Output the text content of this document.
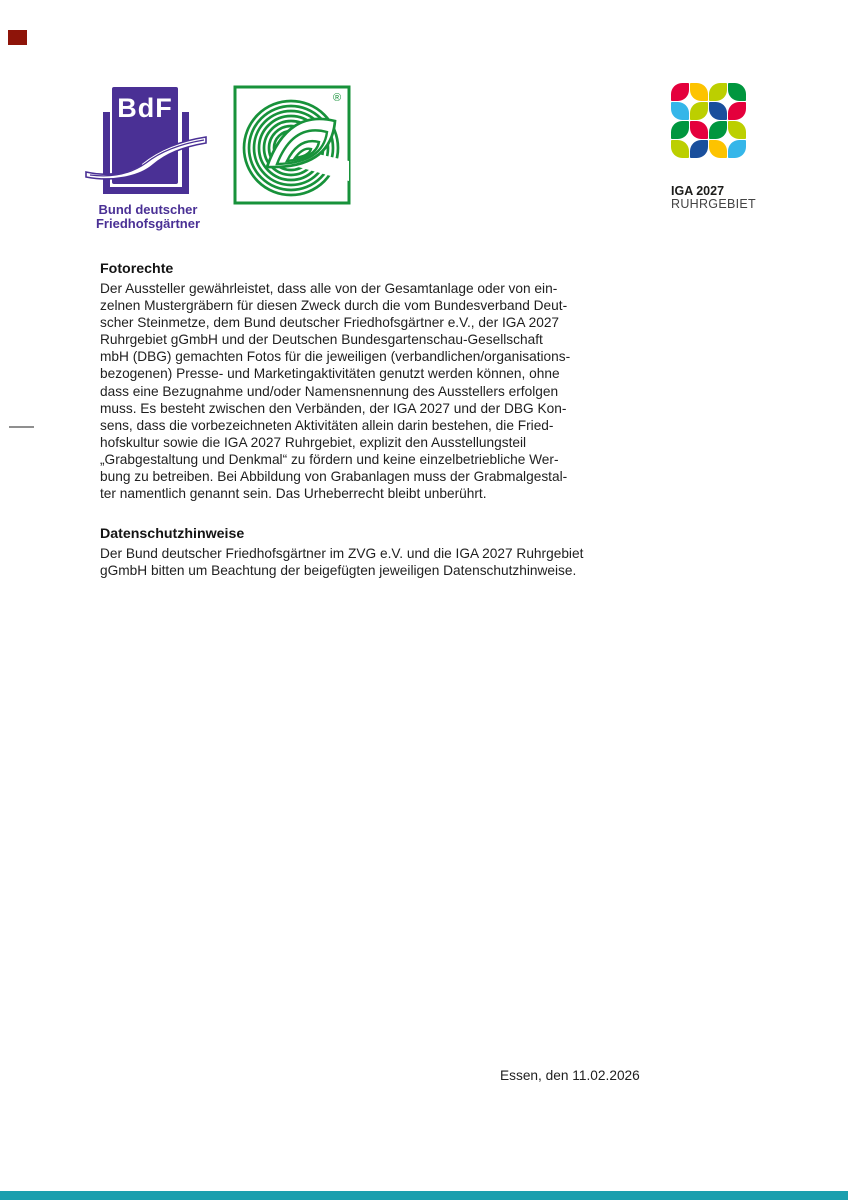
BdF
Bund deutscher
Friedhofsgärtner
®
IGA 2027
RUHRGEBIET
Fotorechte

Der Aussteller gewährleistet, dass alle von der Gesamtanlage oder von ein-

zelnen Mustergräbern für diesen Zweck durch die vom Bundesverband Deut-

scher Steinmetze, dem Bund deutscher Friedhofsgärtner e.V., der IGA 2027

Ruhrgebiet gGmbH und der Deutschen Bundesgartenschau-Gesellschaft

mbH (DBG) gemachten Fotos für die jeweiligen (verbandlichen/organisations-

bezogenen) Presse- und Marketingaktivitäten genutzt werden können, ohne

dass eine Bezugnahme und/oder Namensnennung des Ausstellers erfolgen

muss. Es besteht zwischen den Verbänden, der IGA 2027 und der DBG Kon-

sens, dass die vorbezeichneten Aktivitäten allein darin bestehen, die Fried-

hofskultur sowie die IGA 2027 Ruhrgebiet, explizit den Ausstellungsteil

„Grabgestaltung und Denkmal“ zu fördern und keine einzelbetriebliche Wer-

bung zu betreiben. Bei Abbildung von Grabanlagen muss der Grabmalgestal-

ter namentlich genannt sein. Das Urheberrecht bleibt unberührt.

Datenschutzhinweise

Der Bund deutscher Friedhofsgärtner im ZVG e.V. und die IGA 2027 Ruhrgebiet

gGmbH bitten um Beachtung der beigefügten jeweiligen Datenschutzhinweise.

Essen, den 11.02.2026
